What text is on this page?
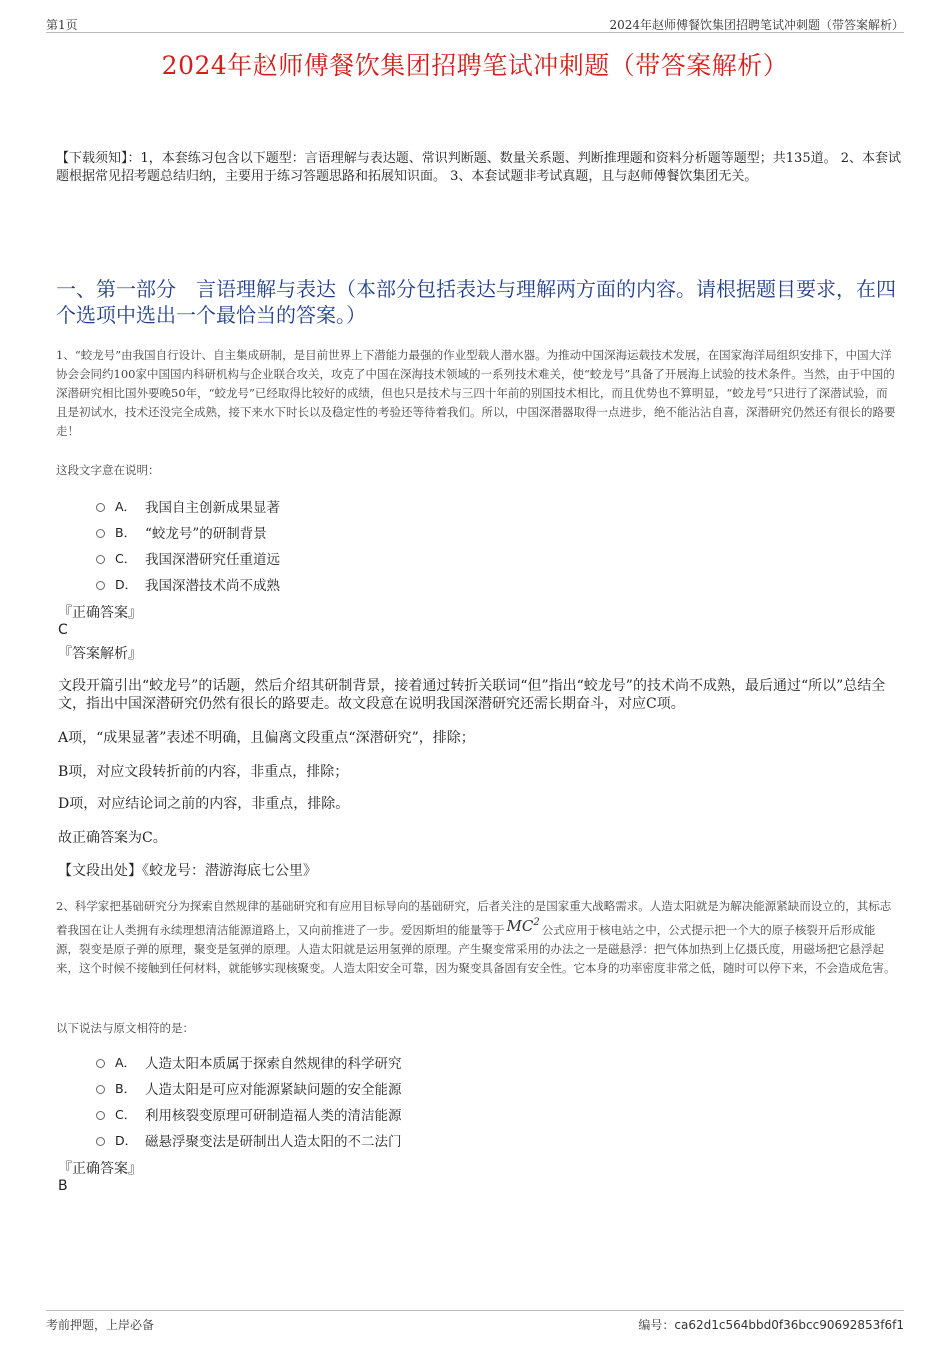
第1页	2024年赵师傅餐饮集团招聘笔试冲刺题（带答案解析）
2024年赵师傅餐饮集团招聘笔试冲刺题（带答案解析）
【下载须知】：1，本套练习包含以下题型：言语理解与表达题、常识判断题、数量关系题、判断推理题和资料分析题等题型；共135道。 2、本套试题根据常见招考题总结归纳，主要用于练习答题思路和拓展知识面。 3、本套试题非考试真题，且与赵师傅餐饮集团无关。
一、第一部分　言语理解与表达（本部分包括表达与理解两方面的内容。请根据题目要求，在四个选项中选出一个最恰当的答案。）
1、“蛟龙号”由我国自行设计、自主集成研制，是目前世界上下潜能力最强的作业型载人潜水器。为推动中国深海运载技术发展，在国家海洋局组织安排下，中国大洋协会会同约100家中国国内科研机构与企业联合攻关，攻克了中国在深海技术领域的一系列技术难关，使“蛟龙号”具备了开展海上试验的技术条件。当然，由于中国的深潜研究相比国外要晚50年，“蛟龙号”已经取得比较好的成绩，但也只是技术与三四十年前的别国技术相比，而且优势也不算明显，“蛟龙号”只进行了深潜试验，而且是初试水，技术还没完全成熟，接下来水下时长以及稳定性的考验还等待着我们。所以，中国深潜器取得一点进步，绝不能沾沾自喜，深潜研究仍然还有很长的路要走！
这段文字意在说明：
A． 我国自主创新成果显著
B． “蛟龙号”的研制背景
C． 我国深潜研究任重道远
D． 我国深潜技术尚不成熟
『正确答案』
C
『答案解析』
文段开篇引出“蛟龙号”的话题，然后介绍其研制背景，接着通过转折关联词“但”指出“蛟龙号”的技术尚不成熟，最后通过“所以”总结全文，指出中国深潜研究仍然有很长的路要走。故文段意在说明我国深潜研究还需长期奋斗，对应C项。
A项，“成果显著”表述不明确，且偏离文段重点“深潜研究”，排除；
B项，对应文段转折前的内容，非重点，排除；
D项，对应结论词之前的内容，非重点，排除。
故正确答案为C。
【文段出处】《蛟龙号：潜游海底七公里》
2、科学家把基础研究分为探索自然规律的基础研究和有应用目标导向的基础研究，后者关注的是国家重大战略需求。人造太阳就是为解决能源紧缺而设立的，其标志着我国在让人类拥有永续理想清洁能源道路上，又向前推进了一步。爱因斯坦的能量等于 $MC^2$公式应用于核电站之中，公式提示把一个大的原子核裂开后形成能源，裂变是原子弹的原理，聚变是氢弹的原理。人造太阳就是运用氢弹的原理。产生聚变常采用的办法之一是磁悬浮：把气体加热到上亿摄氏度，用磁场把它悬浮起来，这个时候不接触到任何材料，就能够实现核聚变。人造太阳安全可靠，因为聚变具备固有安全性。它本身的功率密度非常之低，随时可以停下来，不会造成危害。
以下说法与原文相符的是：
A． 人造太阳本质属于探索自然规律的科学研究
B． 人造太阳是可应对能源紧缺问题的安全能源
C． 利用核裂变原理可研制造福人类的清洁能源
D． 磁悬浮聚变法是研制出人造太阳的不二法门
『正确答案』
B
考前押题，上岸必备	编号：ca62d1c564bbd0f36bcc90692853f6f1
